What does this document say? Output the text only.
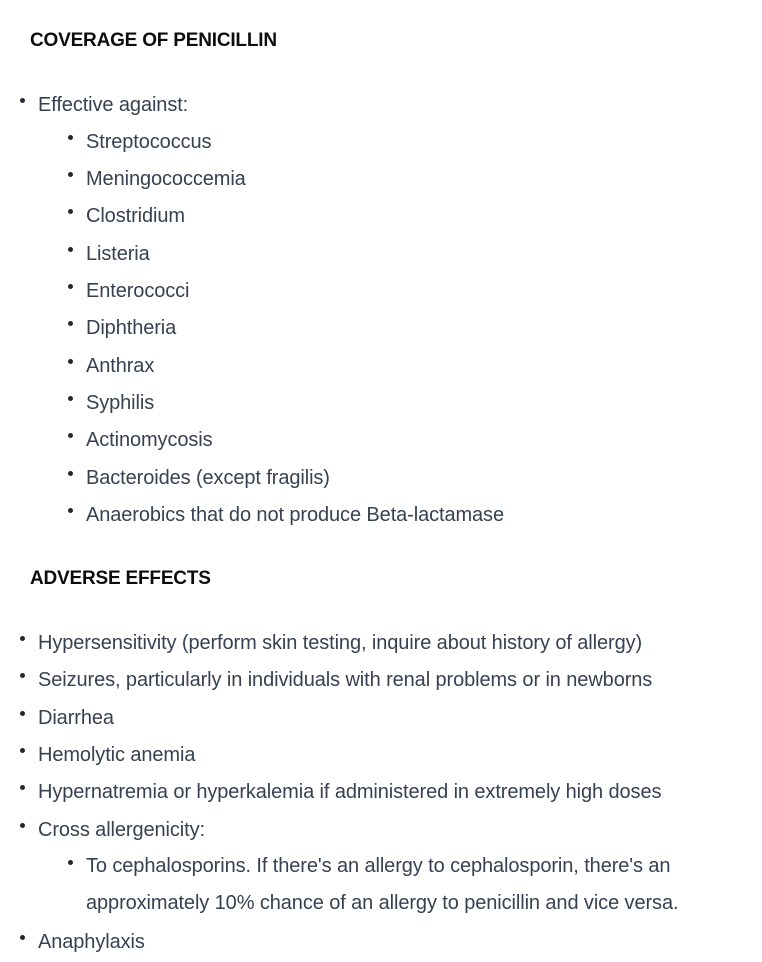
COVERAGE OF PENICILLIN
Effective against:
Streptococcus
Meningococcemia
Clostridium
Listeria
Enterococci
Diphtheria
Anthrax
Syphilis
Actinomycosis
Bacteroides (except fragilis)
Anaerobics that do not produce Beta-lactamase
ADVERSE EFFECTS
Hypersensitivity (perform skin testing, inquire about history of allergy)
Seizures, particularly in individuals with renal problems or in newborns
Diarrhea
Hemolytic anemia
Hypernatremia or hyperkalemia if administered in extremely high doses
Cross allergenicity:
To cephalosporins. If there's an allergy to cephalosporin, there's an approximately 10% chance of an allergy to penicillin and vice versa.
Anaphylaxis
